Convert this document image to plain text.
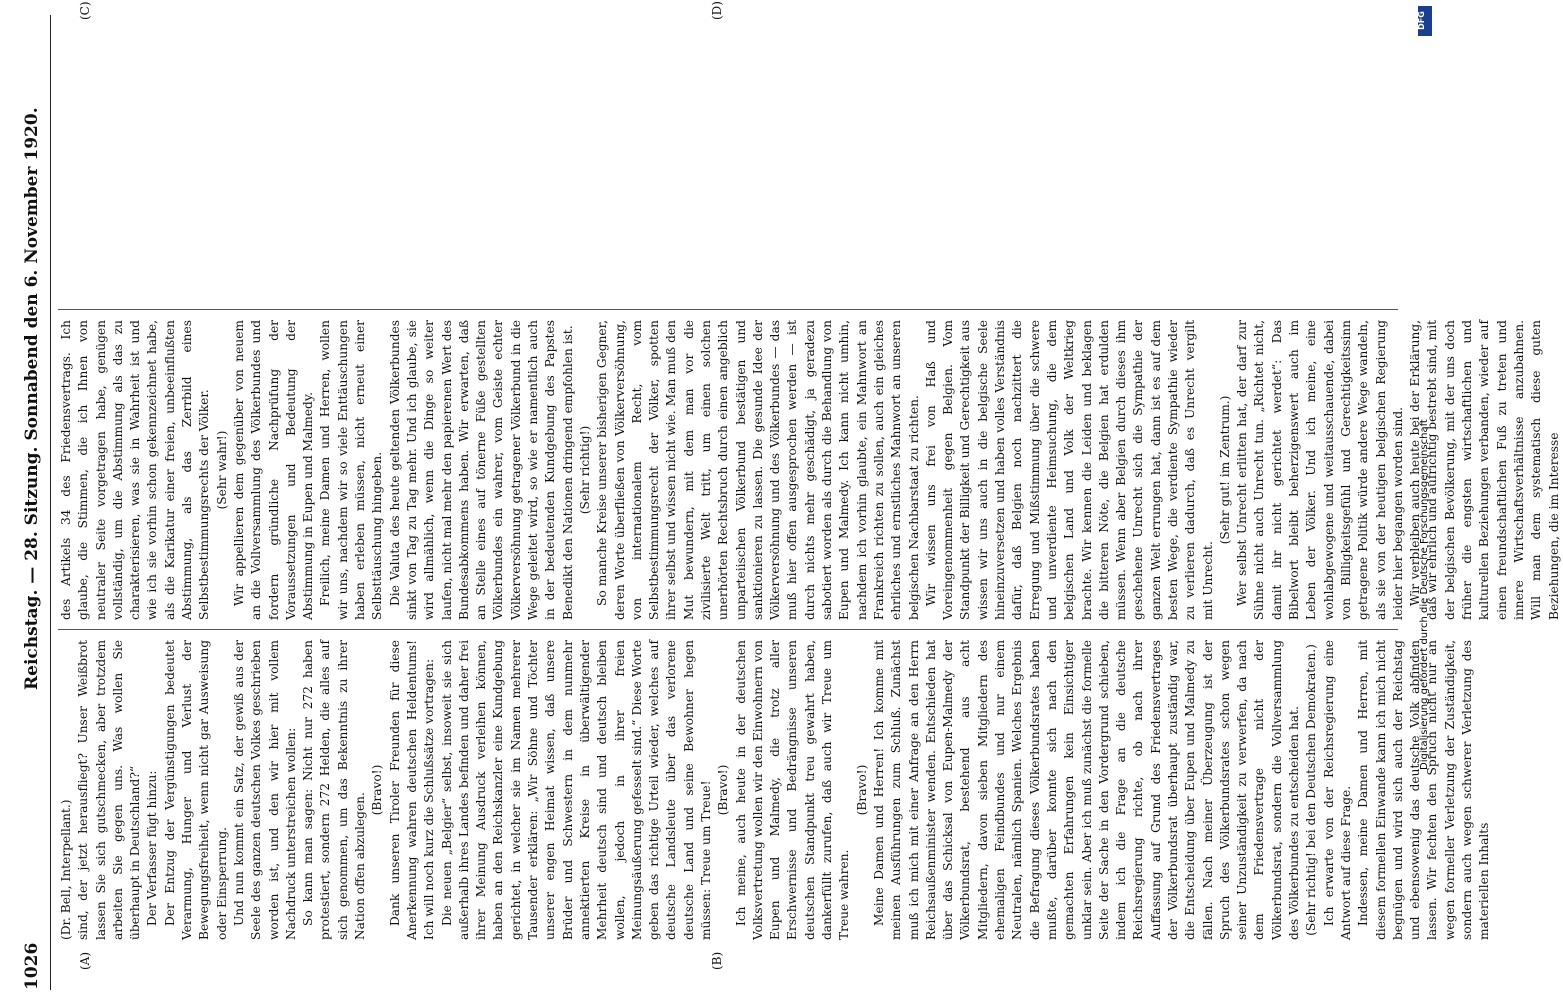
1026
Reichstag. — 28. Sitzung. Sonnabend den 6. November 1920.
(A)	(B)
(C)	(D)

(Dr. Bell, Interpellant.) sind, der jetzt herausfliegt? Unser Weißbrot lassen Sie sich gutschmecken, aber trotzdem arbeiten Sie gegen uns. Was wollen Sie überhaupt in Deutschland?“ Der Verfasser fügt hinzu: Der Entzug der Vergünstigungen bedeutet Verarmung, Hunger und Verlust der Bewegungsfreiheit, wenn nicht gar Ausweisung oder Einsperrung. Und nun kommt ein Satz, der gewiß aus der Seele des ganzen deutschen Volkes geschrieben worden ist, und den wir hier mit vollem Nachdruck unterstreichen wollen: So kann man sagen: Nicht nur 272 haben protestiert, sondern 272 Helden, die alles auf sich genommen, um das Bekenntnis zu ihrer Nation offen abzulegen.

(Bravo!) Dank unseren Tiroler Freunden für diese Anerkennung wahren deutschen Heldentums! Ich will noch kurz die Schlußsätze vortragen: Die neuen „Belgier“ selbst, insoweit sie sich außerhalb ihres Landes befinden und daher frei ihrer Meinung Ausdruck verleihen können, haben an den Reichskanzler eine Kundgebung gerichtet, in welcher sie im Namen mehrerer Tausender erklären: „Wir Söhne und Töchter unserer engen Heimat wissen, daß unsere Brüder und Schwestern in dem nunmehr annektierten Kreise in überwältigender Mehrheit deutsch sind und deutsch bleiben wollen, jedoch in ihrer freien Meinungsäußerung gefesselt sind.“ Diese Worte geben das richtige Urteil wieder, welches auf deutsche Landsleute über das verlorene deutsche Land und seine Bewohner hegen müssen: Treue um Treue! (Bravo!) Ich meine, auch heute in der deutschen Volksvertretung wollen wir den Einwohnern von Eupen und Malmedy, die trotz aller Erschwernisse und Bedrängnisse unseren deutschen Standpunkt treu gewahrt haben, dankerfüllt zurufen, daß auch wir Treue um Treue wahren.

(Bravo!) Meine Damen und Herren! Ich komme mit meinen Ausführungen zum Schluß. Zunächst muß ich mich mit einer Anfrage an den Herrn Reichsaußenminister wenden. Entschieden hat über das Schicksal von Eupen-Malmedy der Völkerbundsrat, bestehend aus acht Mitgliedern, davon sieben Mitgliedern des ehemaligen Feindbundes und nur einem Neutralen, nämlich Spanien. Welches Ergebnis die Befragung dieses Völkerbundsrates haben mußte, darüber konnte sich nach den gemachten Erfahrungen kein Einsichtiger unklar sein. Aber ich muß zunächst die formelle Seite der Sache in den Vordergrund schieben, indem ich die Frage an die deutsche Reichsregierung richte, ob nach ihrer Auffassung auf Grund des Friedensvertrages der Völkerbundsrat überhaupt zuständig war, die Entscheidung über Eupen und Malmedy zu fällen. Nach meiner Überzeugung ist der Spruch des Völkerbundsrates schon wegen seiner Unzuständigkeit zu verwerfen, da nach dem Friedensvertrage nicht der Völkerbundsrat, sondern die Vollversammlung des Völkerbundes zu entscheiden hat. (Sehr richtig! bei den Deutschen Demokraten.) Ich erwarte von der Reichsregierung eine Antwort auf diese Frage. Indessen, meine Damen und Herren, mit diesem formellen Einwande kann ich mich nicht begnügen und wird sich auch der Reichstag und ebensowenig das deutsche Volk abfinden lassen. Wir fechten den Spruch nicht nur an wegen formeller Verletzung der Zuständigkeit, sondern auch wegen schwerer Verletzung des materiellen Inhalts

des Artikels 34 des Friedensvertrags. Ich glaube, die Stimmen, die ich Ihnen von neutraler Seite vorgetragen habe, genügen vollständig, um die Abstimmung als das zu charakterisieren, was sie in Wahrheit ist und wie ich sie vorhin schon gekennzeichnet habe, als die Karikatur einer freien, unbeeinflußten Abstimmung, als das Zerrbild eines Selbstbestimmungsrechts der Völker. (Sehr wahr!) Wir appellieren dem gegenüber von neuem an die Vollversammlung des Völkerbundes und fordern gründliche Nachprüfung der Voraussetzungen und Bedeutung der Abstimmung in Eupen und Malmedy. Freilich, meine Damen und Herren, wollen wir uns, nachdem wir so viele Enttäuschungen haben erleben müssen, nicht erneut einer Selbsttäuschung hingeben. Die Valuta des heute geltenden Völkerbundes sinkt von Tag zu Tag mehr. Und ich glaube, sie wird allmählich, wenn die Dinge so weiter laufen, nicht mal mehr den papierenen Wert des Bundesabkommens haben. Wir erwarten, daß an Stelle eines auf tönerne Füße gestellten Völkerbundes ein wahrer, vom Geiste echter Völkerversöhnung getragener Völkerbund in die Wege geleitet wird, so wie er namentlich auch in der bedeutenden Kundgebung des Papstes Benedikt den Nationen dringend empfohlen ist. (Sehr richtig!) So manche Kreise unserer bisherigen Gegner, deren Worte überfließen von Völkerversöhnung, von internationalem Recht, vom Selbstbestimmungsrecht der Völker, spotten ihrer selbst und wissen nicht wie. Man muß den Mut bewundern, mit dem man vor die zivilisierte Welt tritt, um einen solchen unerhörten Rechtsbruch durch einen angeblich unparteiischen Völkerbund bestätigen und sanktionieren zu lassen. Die gesunde Idee der Völkerversöhnung und des Völkerbundes — das muß hier offen ausgesprochen werden — ist durch nichts mehr geschädigt, ja geradezu sabotiert worden als durch die Behandlung von Eupen und Malmedy. Ich kann nicht umhin, nachdem ich vorhin glaubte, ein Mahnwort an Frankreich richten zu sollen, auch ein gleiches ehrliches und ernstliches Mahnwort an unseren belgischen Nachbarstaat zu richten. Wir wissen uns frei von Haß und Voreingenommenheit gegen Belgien. Vom Standpunkt der Billigkeit und Gerechtigkeit aus wissen wir uns auch in die belgische Seele hineinzuversetzen und haben volles Verständnis dafür, daß Belgien noch nachzittert die Erregung und Mißstimmung über die schwere und unverdiente Heimsuchung, die dem belgischen Land und Volk der Weltkrieg brachte. Wir kennen die Leiden und beklagen die bitteren Nöte, die Belgien hat erdulden müssen. Wenn aber Belgien durch dieses ihm geschehene Unrecht sich die Sympathie der ganzen Welt errungen hat, dann ist es auf dem besten Wege, die verdiente Sympathie wieder zu verlieren dadurch, daß es Unrecht vergilt mit Unrecht.

(Sehr gut! im Zentrum.) Wer selbst Unrecht erlitten hat, der darf zur Sühne nicht auch Unrecht tun. „Richtet nicht, damit ihr nicht gerichtet werdet“: Das Bibelwort bleibt beherzigenswert auch im Leben der Völker. Und ich meine, eine wohlabgewogene und weitausschauende, dabei von Billigkeitsgefühl und Gerechtigkeitssinn getragene Politik würde andere Wege wandeln, als sie von der heutigen belgischen Regierung leider hier begangen worden sind. Wir verbleiben auch heute bei der Erklärung, daß wir ehrlich und aufrichtig bestrebt sind, mit der belgischen Bevölkerung, mit der uns doch früher die engsten wirtschaftlichen und kulturellen Beziehungen verbanden, wieder auf einen freundschaftlichen Fuß zu treten und innere Wirtschaftsverhältnisse anzubahnen. Will man dem systematisch diese guten Beziehungen, die im Interesse

DFG
Digitalisierung gefördert durch die Deutsche Forschungsgemeinschaft
